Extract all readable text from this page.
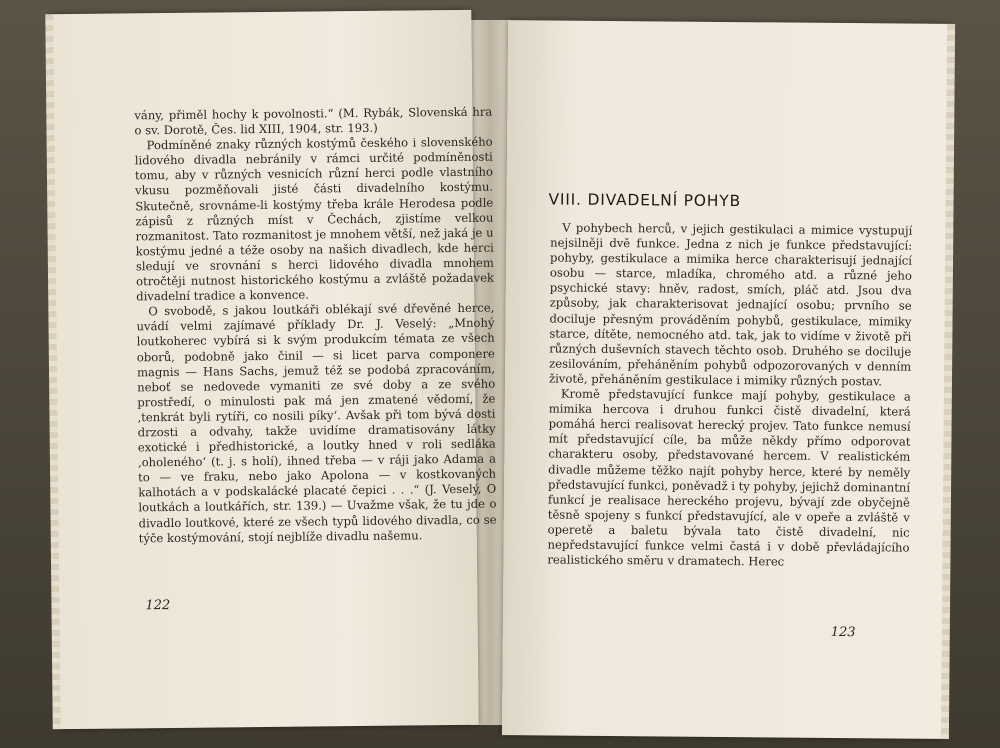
vány, přiměl hochy k povolnosti.“ (M. Rybák, Slovenská hra o sv. Dorotě, Čes. lid XIII, 1904, str. 193.)

Podmíněné znaky různých kostýmů českého i slovenského lidového divadla nebránily v rámci určité podmíněnosti tomu, aby v různých vesnicích různí herci podle vlastního vkusu pozměňovali jisté části divadelního kostýmu. Skutečně, srovnáme-li kostýmy třeba krále Herodesa podle zápisů z různých míst v Čechách, zjistíme velkou rozmanitost. Tato rozmanitost je mnohem větší, než jaká je u kostýmu jedné a téže osoby na našich divadlech, kde herci sledují ve srovnání s herci lidového divadla mnohem otročtěji nutnost historického kostýmu a zvláště požadavek divadelní tradice a konvence.

O svobodě, s jakou loutkáři oblékají své dřevěné herce, uvádí velmi zajímavé příklady Dr. J. Veselý: „Mnohý loutkoherec vybírá si k svým produkcím témata ze všech oborů, podobně jako činil — si licet parva componere magnis — Hans Sachs, jemuž též se podobá zpracováním, neboť se nedovede vymaniti ze své doby a ze svého prostředí, o minulosti pak má jen zmatené vědomí, že ‚tenkrát byli rytíři, co nosili píky‘. Avšak při tom bývá dosti drzosti a odvahy, takže uvidíme dramatisovány látky exotické i předhistorické, a loutky hned v roli sedláka ‚oholeného‘ (t. j. s holí), ihned třeba — v ráji jako Adama a to — ve fraku, nebo jako Apolona — v kostkovaných kalhotách a v podskalácké placaté čepici . . .“ (J. Veselý, O loutkách a loutkářích, str. 139.) — Uvažme však, že tu jde o divadlo loutkové, které ze všech typů lidového divadla, co se týče kostýmování, stojí nejblíže divadlu našemu.

122
VIII. DIVADELNÍ POHYB

V pohybech herců, v jejich gestikulaci a mimice vystupují nejsilněji dvě funkce. Jedna z nich je funkce představující: pohyby, gestikulace a mimika herce charakterisují jednající osobu — starce, mladíka, chromého atd. a různé jeho psychické stavy: hněv, radost, smích, pláč atd. Jsou dva způsoby, jak charakterisovat jednající osobu; prvního se dociluje přesným prováděním pohybů, gestikulace, mimiky starce, dítěte, nemocného atd. tak, jak to vidíme v životě při různých duševních stavech těchto osob. Druhého se dociluje zesilováním, přeháněním pohybů odpozorovaných v denním životě, přeháněním gestikulace i mimiky různých postav.

Kromě představující funkce mají pohyby, gestikulace a mimika hercova i druhou funkci čistě divadelní, která pomáhá herci realisovat herecký projev. Tato funkce nemusí mít představující cíle, ba může někdy přímo odporovat charakteru osoby, představované hercem. V realistickém divadle můžeme těžko najít pohyby herce, které by neměly představující funkci, poněvadž i ty pohyby, jejichž dominantní funkcí je realisace hereckého projevu, bývají zde obyčejně těsně spojeny s funkcí představující, ale v opeře a zvláště v operetě a baletu bývala tato čistě divadelní, nic nepředstavující funkce velmi častá i v době převládajícího realistického směru v dramatech. Herec

123
